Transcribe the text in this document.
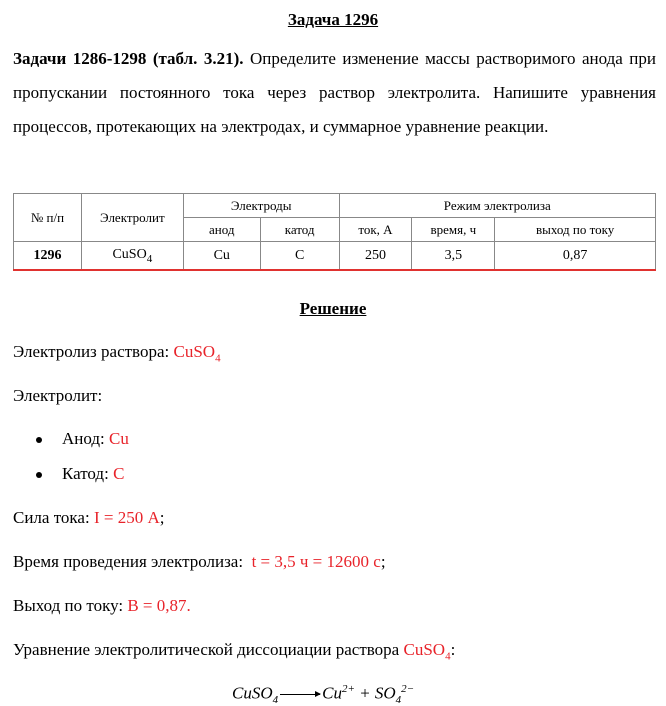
Задача 1296
Задачи 1286-1298 (табл. 3.21). Определите изменение массы растворимого анода при пропускании постоянного тока через раствор электролита. Напишите уравнения процессов, протекающих на электродах, и суммарное уравнение реакции.
№ п/п	Электролит	Электроды		Режим электролиза		
		анод	катод	ток, А	время, ч	выход по току
1296	CuSO$_4$	Cu	C	250	3,5	0,87
Решение
Электролиз раствора: CuSO$_4$
Электролит:
Анод: Cu
Катод: C
Сила тока: I = 250 А;
Время проведения электролиза:  t = 3,5 ч = 12600 с;
Выход по току: В = 0,87.
Уравнение электролитической диссоциации раствора CuSO$_4$:
CuSO$_4$	$Cu^{2+} + SO_4^{2-}$
